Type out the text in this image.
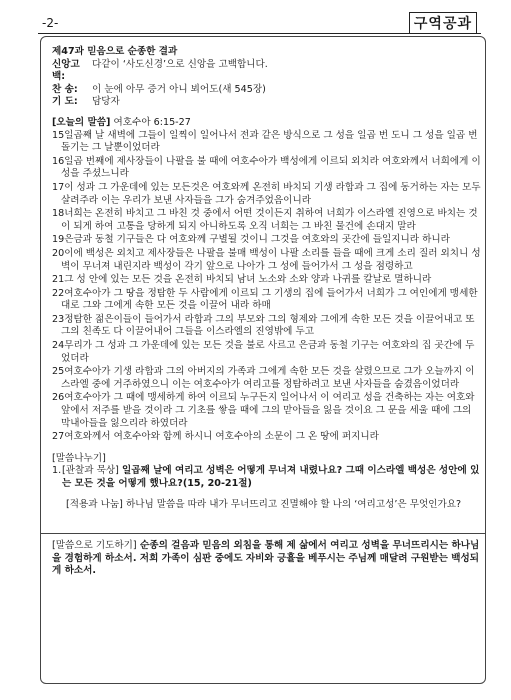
-2-	구역공과

제47과 믿음으로 순종한 결과

신앙고백:
다같이 ‘사도신경’으로 신앙을 고백합니다.
찬 송:	이 눈에 아무 증거 아니 뵈어도(새 545장)
기 도:	담당자

[오늘의 말씀] 여호수아 6:15-27

15일곱째 날 새벽에 그들이 일찍이 일어나서 전과 같은 방식으로 그 성을 일곱 번 도니 그 성을 일곱 번 돌기는 그 날뿐이었더라

16일곱 번째에 제사장들이 나팔을 불 때에 여호수아가 백성에게 이르되 외치라 여호와께서 너희에게 이 성을 주셨느니라

17이 성과 그 가운데에 있는 모든것은 여호와께 온전히 바치되 기생 라합과 그 집에 동거하는 자는 모두 살려주라 이는 우리가 보낸 사자들을 그가 숨겨주었음이니라

18너희는 온전히 바치고 그 바친 것 중에서 어떤 것이든지 취하여 너희가 이스라엘 진영으로 바치는 것이 되게 하여 고통을 당하게 되지 아니하도록 오직 너희는 그 바친 물건에 손대지 말라

19은금과 동철 기구들은 다 여호와께 구별될 것이니 그것을 여호와의 곳간에 들일지니라 하니라

20이에 백성은 외치고 제사장들은 나팔을 불매 백성이 나팔 소리를 들을 때에 크게 소리 질러 외치니 성벽이 무너져 내린지라 백성이 각기 앞으로 나아가 그 성에 들어가서 그 성을 점령하고

21그 성 안에 있는 모든 것을 온전히 바치되 남녀 노소와 소와 양과 나귀를 칼날로 멸하니라

22여호수아가 그 땅을 정탐한 두 사람에게 이르되 그 기생의 집에 들어가서 너희가 그 여인에게 맹세한 대로 그와 그에게 속한 모든 것을 이끌어 내라 하매

23정탐한 젊은이들이 들어가서 라합과 그의 부모와 그의 형제와 그에게 속한 모든 것을 이끌어내고 또 그의 친족도 다 이끌어내어 그들을 이스라엘의 진영밖에 두고

24무리가 그 성과 그 가운데에 있는 모든 것을 불로 사르고 은금과 동철 기구는 여호와의 집 곳간에 두었더라

25여호수아가 기생 라합과 그의 아버지의 가족과 그에게 속한 모든 것을 살렸으므로 그가 오늘까지 이스라엘 중에 거주하였으니 이는 여호수아가 여리고를 정탐하려고 보낸 사자들을 숨겼음이었더라

26여호수아가 그 때에 맹세하게 하여 이르되 누구든지 일어나서 이 여리고 성을 건축하는 자는 여호와 앞에서 저주를 받을 것이라 그 기초를 쌓을 때에 그의 맏아들을 잃을 것이요 그 문을 세울 때에 그의 막내아들을 잃으리라 하였더라

27여호와께서 여호수아와 함께 하시니 여호수아의 소문이 그 온 땅에 퍼지니라

[말씀나누기]

1. [관찰과 묵상] 일곱째 날에 여리고 성벽은 어떻게 무너져 내렸나요? 그때 이스라엘 백성은 성안에 있는 모든 것을 어떻게 했나요?(15, 20-21절)

[적용과 나눔] 하나님 말씀을 따라 내가 무너뜨리고 진멸해야 할 나의 ‘여리고성’은 무엇인가요?

[말씀으로 기도하기] 순종의 걸음과 믿음의 외침을 통해 제 삶에서 여리고 성벽을 무너뜨리시는 하나님을 경험하게 하소서. 저희 가족이 심판 중에도 자비와 긍휼을 베푸시는 주님께 매달려 구원받는 백성되게 하소서.
